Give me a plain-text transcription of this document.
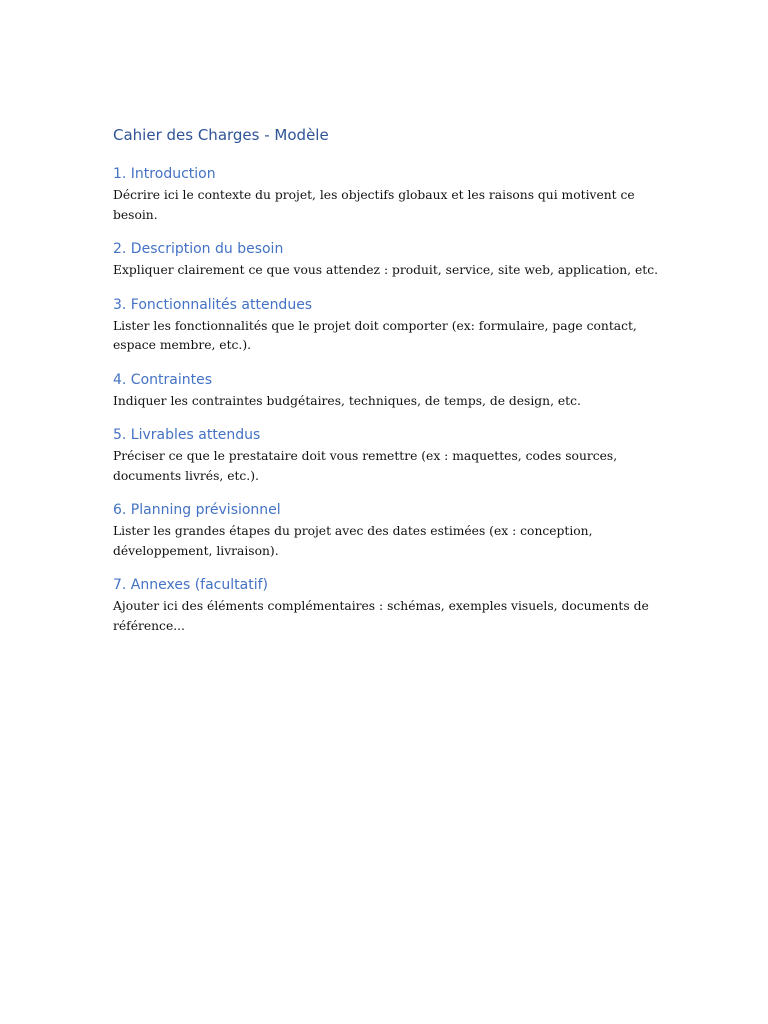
Cahier des Charges - Modèle
1. Introduction

Décrire ici le contexte du projet, les objectifs globaux et les raisons qui motivent ce besoin.

2. Description du besoin

Expliquer clairement ce que vous attendez : produit, service, site web, application, etc.

3. Fonctionnalités attendues

Lister les fonctionnalités que le projet doit comporter (ex: formulaire, page contact, espace membre, etc.).

4. Contraintes

Indiquer les contraintes budgétaires, techniques, de temps, de design, etc.

5. Livrables attendus

Préciser ce que le prestataire doit vous remettre (ex : maquettes, codes sources, documents livrés, etc.).

6. Planning prévisionnel

Lister les grandes étapes du projet avec des dates estimées (ex : conception, développement, livraison).

7. Annexes (facultatif)

Ajouter ici des éléments complémentaires : schémas, exemples visuels, documents de référence...
